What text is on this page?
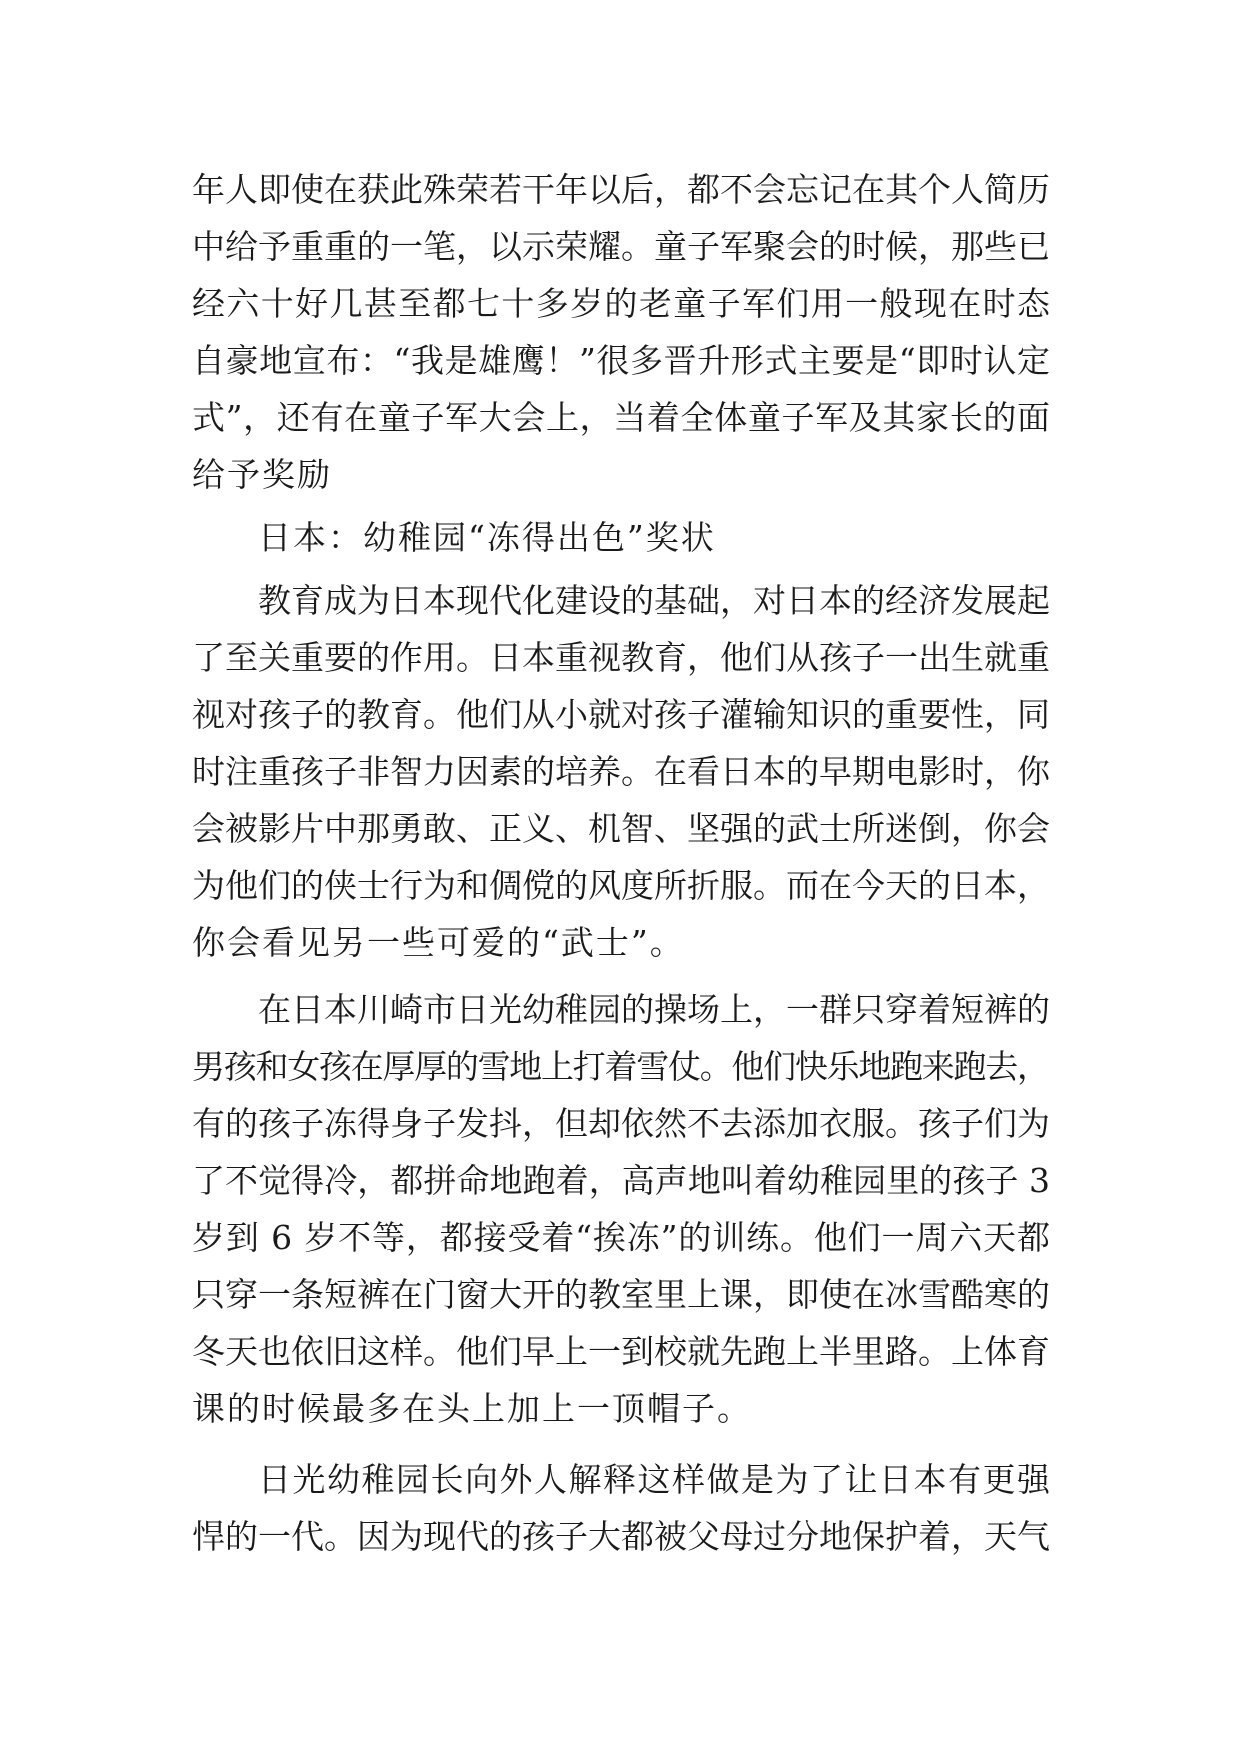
年人即使在获此殊荣若干年以后，都不会忘记在其个人简历
中给予重重的一笔，以示荣耀。童子军聚会的时候，那些已
经六十好几甚至都七十多岁的老童子军们用一般现在时态
自豪地宣布：“我是雄鹰！”很多晋升形式主要是“即时认定
式”，还有在童子军大会上，当着全体童子军及其家长的面
给予奖励
日本：幼稚园“冻得出色”奖状
教育成为日本现代化建设的基础，对日本的经济发展起
了至关重要的作用。日本重视教育，他们从孩子一出生就重
视对孩子的教育。他们从小就对孩子灌输知识的重要性，同
时注重孩子非智力因素的培养。在看日本的早期电影时，你
会被影片中那勇敢、正义、机智、坚强的武士所迷倒，你会
为他们的侠士行为和倜傥的风度所折服。而在今天的日本，
你会看见另一些可爱的“武士”。
在日本川崎市日光幼稚园的操场上，一群只穿着短裤的
男孩和女孩在厚厚的雪地上打着雪仗。他们快乐地跑来跑去，
有的孩子冻得身子发抖，但却依然不去添加衣服。孩子们为
了不觉得冷，都拼命地跑着，高声地叫着幼稚园里的孩子 3
岁到 6 岁不等，都接受着“挨冻”的训练。他们一周六天都
只穿一条短裤在门窗大开的教室里上课，即使在冰雪酷寒的
冬天也依旧这样。他们早上一到校就先跑上半里路。上体育
课的时候最多在头上加上一顶帽子。
日光幼稚园长向外人解释这样做是为了让日本有更强
悍的一代。因为现代的孩子大都被父母过分地保护着，天气
